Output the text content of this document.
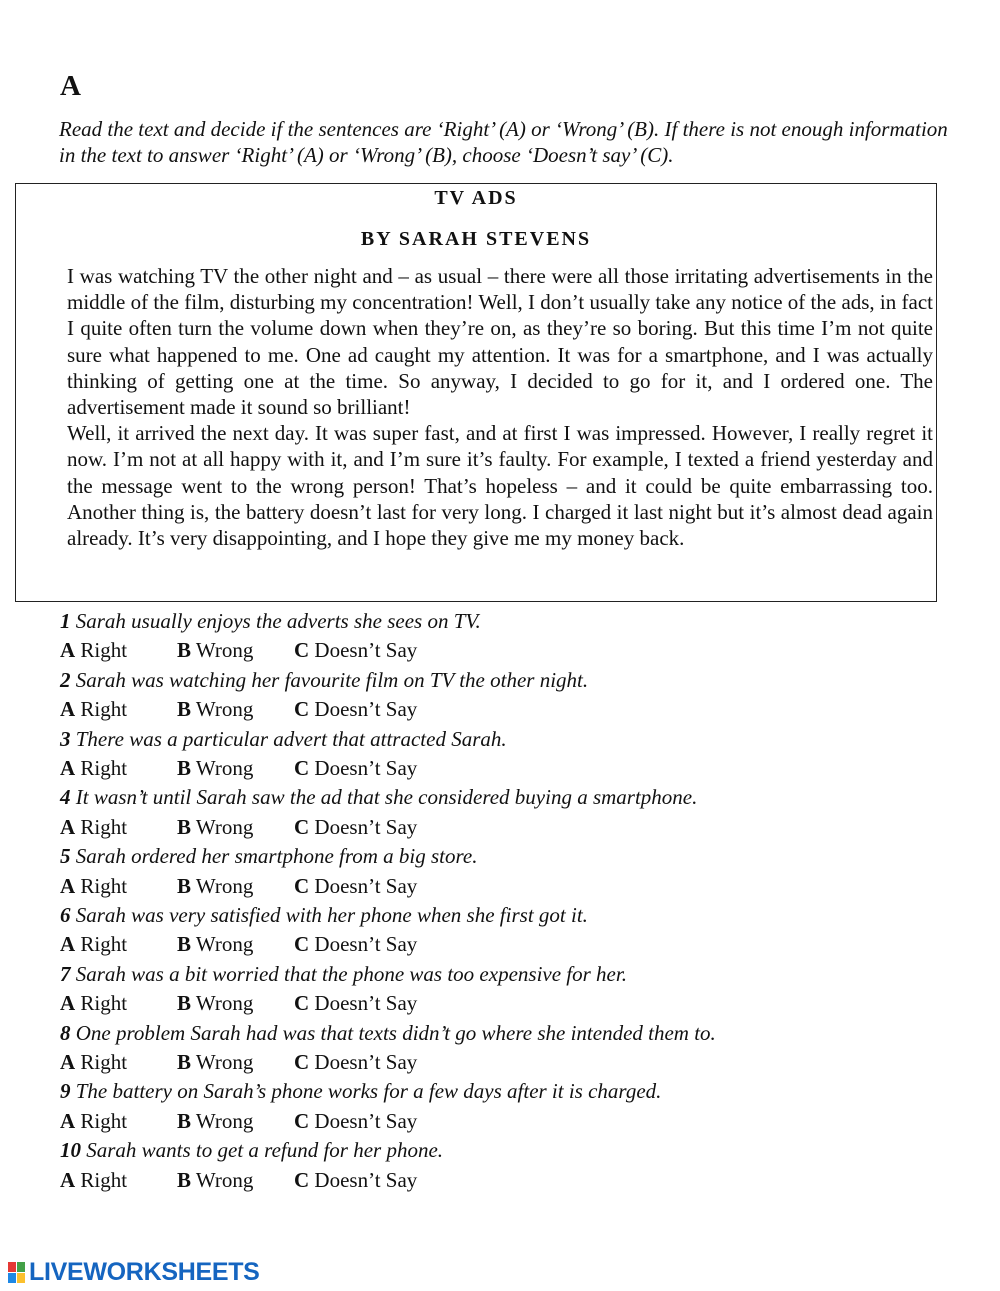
A
Read the text and decide if the sentences are ‘Right’ (A) or ‘Wrong’ (B). If there is not enough information in the text to answer ‘Right’ (A) or ‘Wrong’ (B), choose ‘Doesn’t say’ (C).
TV ADS
BY SARAH STEVENS

I was watching TV the other night and – as usual – there were all those irritating advertisements in the middle of the film, disturbing my concentration! Well, I don’t usually take any notice of the ads, in fact I quite often turn the volume down when they’re on, as they’re so boring. But this time I’m not quite sure what happened to me. One ad caught my attention. It was for a smartphone, and I was actually thinking of getting one at the time. So anyway, I decided to go for it, and I ordered one. The advertisement made it sound so brilliant!

Well, it arrived the next day. It was super fast, and at first I was impressed. However, I really regret it now. I’m not at all happy with it, and I’m sure it’s faulty. For example, I texted a friend yesterday and the message went to the wrong person! That’s hopeless – and it could be quite embarrassing too. Another thing is, the battery doesn’t last for very long. I charged it last night but it’s almost dead again already. It’s very disappointing, and I hope they give me my money back.

1 Sarah usually enjoys the adverts she sees on TV.
A Right B Wrong C Doesn’t Say
2 Sarah was watching her favourite film on TV the other night.
A Right B Wrong C Doesn’t Say
3 There was a particular advert that attracted Sarah.
A Right B Wrong C Doesn’t Say
4 It wasn’t until Sarah saw the ad that she considered buying a smartphone.
A Right B Wrong C Doesn’t Say
5 Sarah ordered her smartphone from a big store.
A Right B Wrong C Doesn’t Say
6 Sarah was very satisfied with her phone when she first got it.
A Right B Wrong C Doesn’t Say
7 Sarah was a bit worried that the phone was too expensive for her.
A Right B Wrong C Doesn’t Say
8 One problem Sarah had was that texts didn’t go where she intended them to.
A Right B Wrong C Doesn’t Say
9 The battery on Sarah’s phone works for a few days after it is charged.
A Right B Wrong C Doesn’t Say
10 Sarah wants to get a refund for her phone.
A Right B Wrong C Doesn’t Say
LIVEWORKSHEETS
